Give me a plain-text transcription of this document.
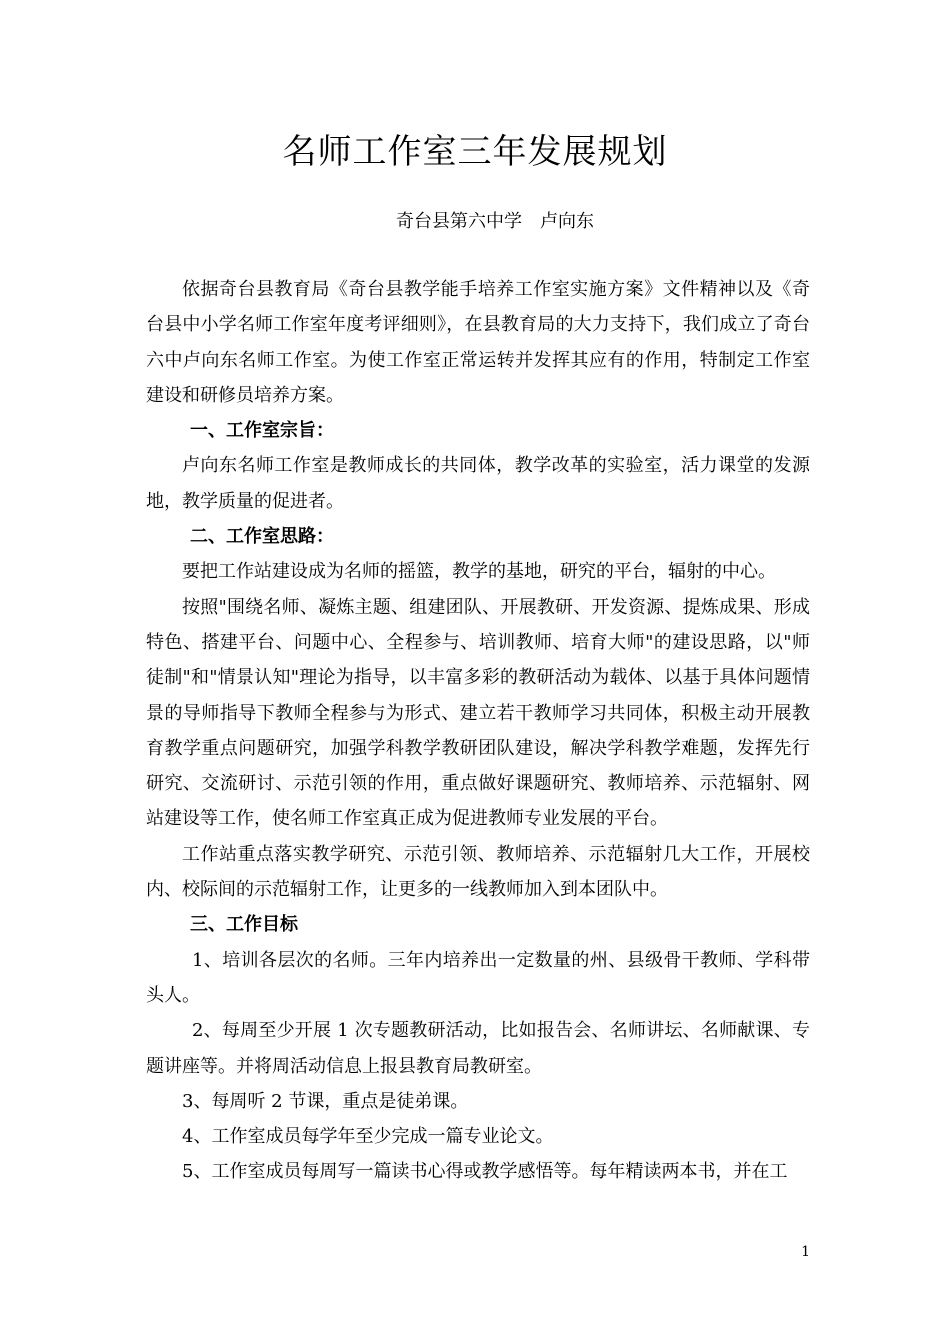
名师工作室三年发展规划
奇台县第六中学　卢向东

依据奇台县教育局《奇台县教学能手培养工作室实施方案》文件精神以及《奇台县中小学名师工作室年度考评细则》，在县教育局的大力支持下，我们成立了奇台六中卢向东名师工作室。为使工作室正常运转并发挥其应有的作用，特制定工作室建设和研修员培养方案。

一、工作室宗旨：

卢向东名师工作室是教师成长的共同体，教学改革的实验室，活力课堂的发源地，教学质量的促进者。

二、工作室思路：

要把工作站建设成为名师的摇篮，教学的基地，研究的平台，辐射的中心。

按照"围绕名师、凝炼主题、组建团队、开展教研、开发资源、提炼成果、形成特色、搭建平台、问题中心、全程参与、培训教师、培育大师"的建设思路，以"师徒制"和"情景认知"理论为指导，以丰富多彩的教研活动为载体、以基于具体问题情景的导师指导下教师全程参与为形式、建立若干教师学习共同体，积极主动开展教育教学重点问题研究，加强学科教学教研团队建设，解决学科教学难题，发挥先行研究、交流研讨、示范引领的作用，重点做好课题研究、教师培养、示范辐射、网站建设等工作，使名师工作室真正成为促进教师专业发展的平台。

工作站重点落实教学研究、示范引领、教师培养、示范辐射几大工作，开展校内、校际间的示范辐射工作，让更多的一线教师加入到本团队中。

三、工作目标

1、培训各层次的名师。三年内培养出一定数量的州、县级骨干教师、学科带头人。

2、每周至少开展 1 次专题教研活动，比如报告会、名师讲坛、名师献课、专题讲座等。并将周活动信息上报县教育局教研室。

3、每周听 2 节课，重点是徒弟课。

4、工作室成员每学年至少完成一篇专业论文。

5、工作室成员每周写一篇读书心得或教学感悟等。每年精读两本书，并在工

1
